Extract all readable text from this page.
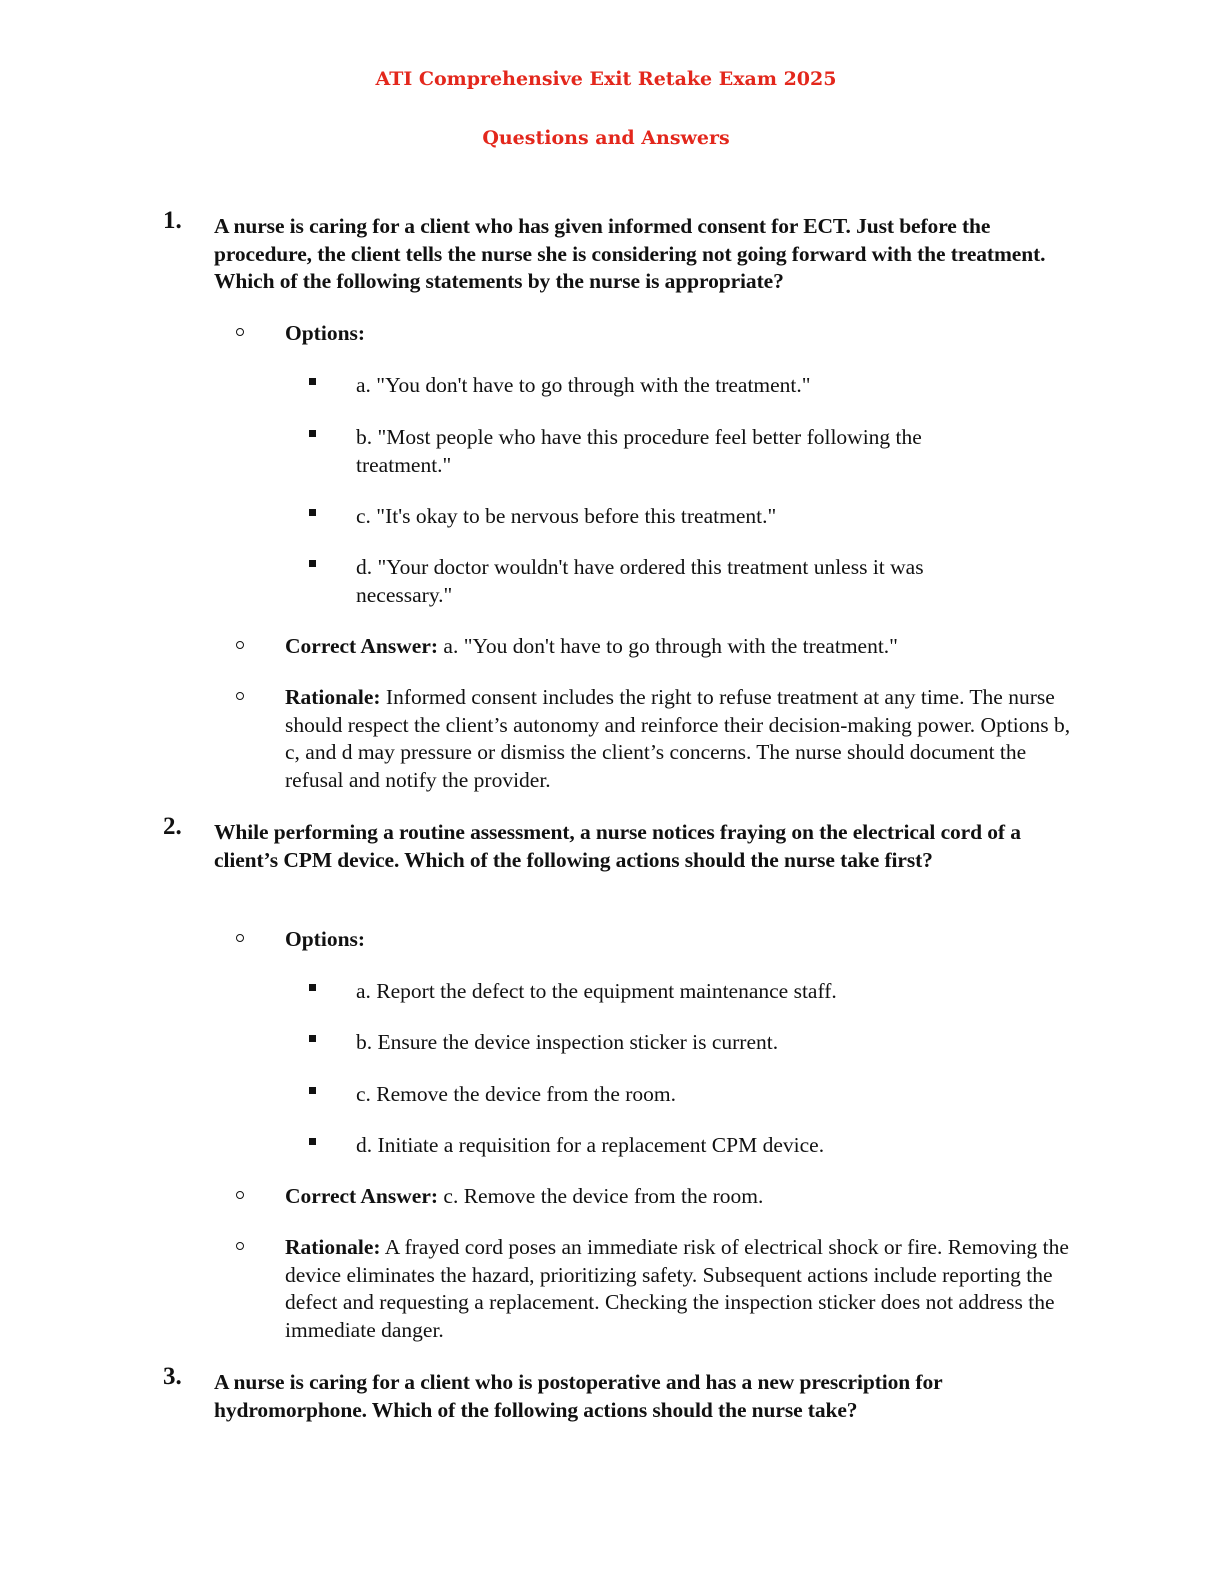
ATI Comprehensive Exit Retake Exam 2025
Questions and Answers
1. A nurse is caring for a client who has given informed consent for ECT. Just before the procedure, the client tells the nurse she is considering not going forward with the treatment. Which of the following statements by the nurse is appropriate?
Options:
a. "You don't have to go through with the treatment."
b. "Most people who have this procedure feel better following the treatment."
c. "It's okay to be nervous before this treatment."
d. "Your doctor wouldn't have ordered this treatment unless it was necessary."
Correct Answer: a. "You don't have to go through with the treatment."
Rationale: Informed consent includes the right to refuse treatment at any time. The nurse should respect the client’s autonomy and reinforce their decision-making power. Options b, c, and d may pressure or dismiss the client’s concerns. The nurse should document the refusal and notify the provider.
2. While performing a routine assessment, a nurse notices fraying on the electrical cord of a client’s CPM device. Which of the following actions should the nurse take first?
Options:
a. Report the defect to the equipment maintenance staff.
b. Ensure the device inspection sticker is current.
c. Remove the device from the room.
d. Initiate a requisition for a replacement CPM device.
Correct Answer: c. Remove the device from the room.
Rationale: A frayed cord poses an immediate risk of electrical shock or fire. Removing the device eliminates the hazard, prioritizing safety. Subsequent actions include reporting the defect and requesting a replacement. Checking the inspection sticker does not address the immediate danger.
3. A nurse is caring for a client who is postoperative and has a new prescription for hydromorphone. Which of the following actions should the nurse take?
